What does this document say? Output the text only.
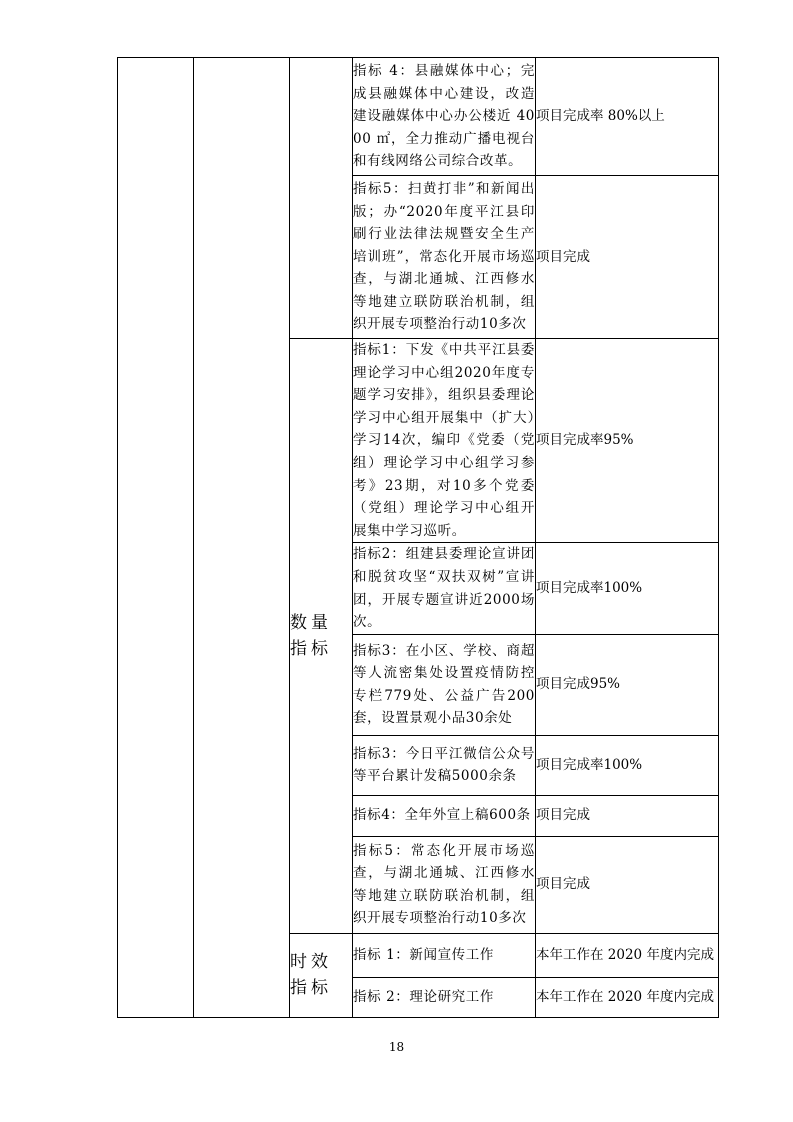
			指标 4：县融媒体中心；完成县融媒体中心建设，改造建设融媒体中心办公楼近 4000 ㎡，全力推动广播电视台和有线网络公司综合改革。	项目完成率 80%以上
			指标5：扫黄打非”和新闻出版；办“2020年度平江县印刷行业法律法规暨安全生产培训班”，常态化开展市场巡查，与湖北通城、江西修水等地建立联防联治机制，组织开展专项整治行动10多次	项目完成
		数量指标	指标1：下发《中共平江县委理论学习中心组2020年度专题学习安排》，组织县委理论学习中心组开展集中（扩大）学习14次，编印《党委（党组）理论学习中心组学习参考》23期，对10多个党委（党组）理论学习中心组开展集中学习巡听。	项目完成率95%
			指标2：组建县委理论宣讲团和脱贫攻坚“双扶双树”宣讲团，开展专题宣讲近2000场次。	项目完成率100%
			指标3：在小区、学校、商超等人流密集处设置疫情防控专栏779处、公益广告200套，设置景观小品30余处	项目完成95%
			指标3：今日平江微信公众号等平台累计发稿5000余条	项目完成率100%
			指标4：全年外宣上稿600条	项目完成
			指标5：常态化开展市场巡查，与湖北通城、江西修水等地建立联防联治机制，组织开展专项整治行动10多次	项目完成
		时效指标	指标 1：新闻宣传工作	本年工作在 2020 年度内完成
			指标 2：理论研究工作	本年工作在 2020 年度内完成
18
